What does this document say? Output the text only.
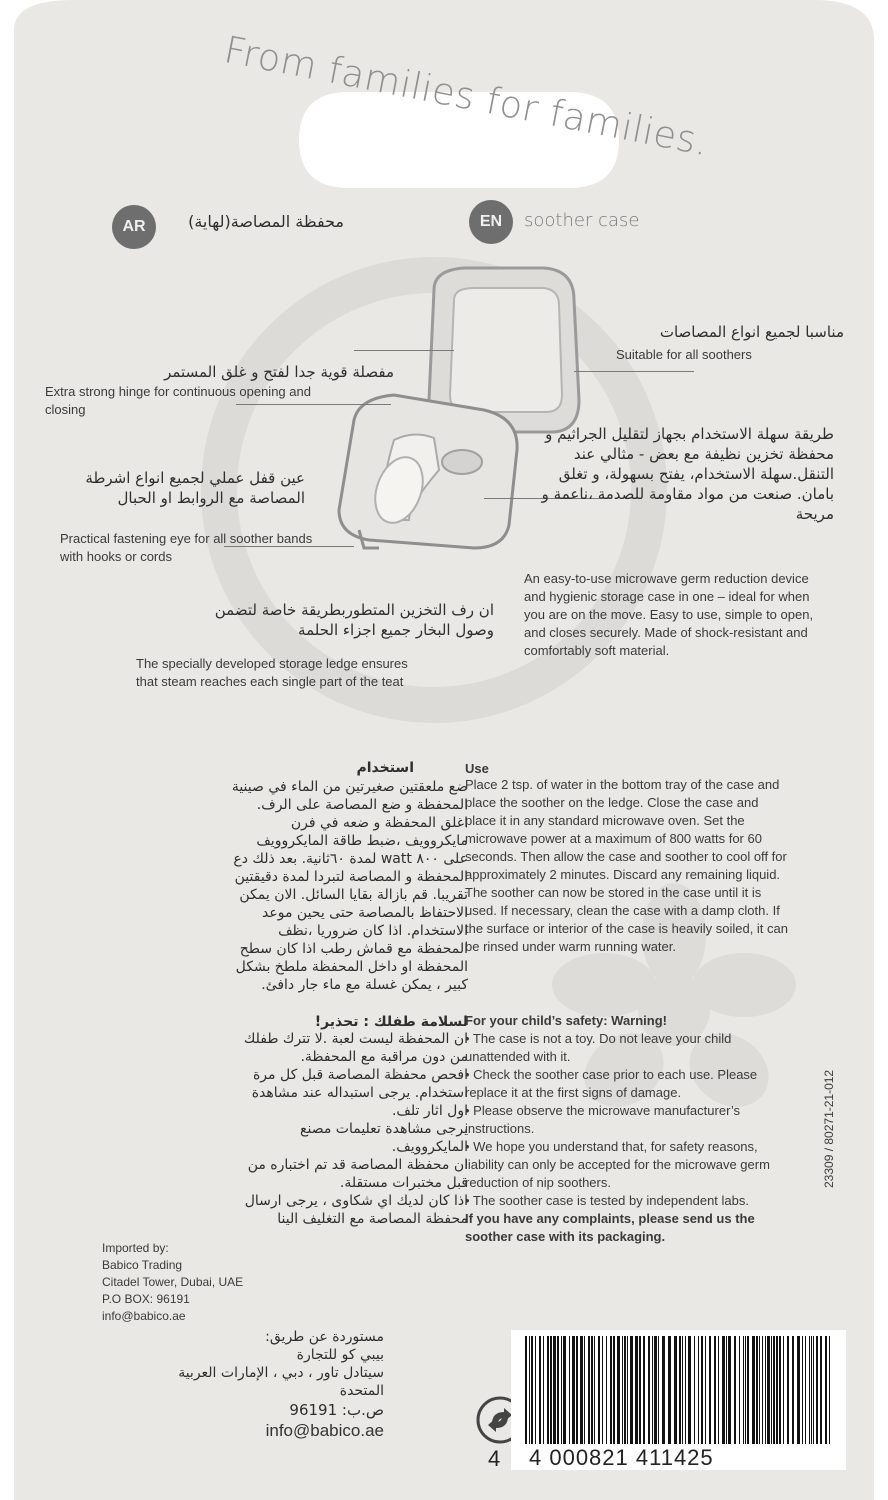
From families for families.
AR	محفظة المصاصة(لهاية)	EN	soother case
مفصلة قوية جدا لفتح و غلق المستمر
Extra strong hinge for continuous opening and closing
مناسبا لجميع انواع المصاصات
Suitable for all soothers
عين قفل عملي لجميع انواع اشرطة المصاصة مع الروابط او الحبال
Practical fastening eye for all soother bands with hooks or cords
طريقة سهلة الاستخدام بجهاز لتقليل الجراثيم و محفظة تخزين نظيفة مع بعض - مثالي عند التنقل.سهلة الاستخدام، يفتح بسهولة، و تغلق بامان. صنعت من مواد مقاومة للصدمة ،ناعمة و مريحة
An easy-to-use microwave germ reduction device and hygienic storage case in one – ideal for when you are on the move. Easy to use, simple to open, and closes securely. Made of shock-resistant and comfortably soft material.
ان رف التخزين المتطوربطريقة خاصة لتضمن وصول البخار جميع اجزاء الحلمة
The specially developed storage ledge ensures that steam reaches each single part of the teat
استخدام
ضع ملعقتين صغيرتين من الماء في صينية المحفظة و ضع المصاصة على الرف. اغلق المحفظة و ضعه في فرن مايكروويف ،ضبط طاقة المايكروويف على ٨٠٠ watt لمدة ٦٠ثانية. بعد ذلك دع المحفظة و المصاصة لتبردا لمدة دقيقتين تقريبا. قم بازالة بقايا السائل. الان يمكن الاحتفاظ بالمصاصة حتى يحين موعد الاستخدام. اذا كان ضروريا ،نظف المحفظة مع قماش رطب اذا كان سطح المحفظة او داخل المحفظة ملطخ بشكل كبير ، يمكن غسلة مع ماء جار دافئ.
لسلامة طفلك : تحذير!
ان المحفظة ليست لعبة .لا تترك طفلك من دون مراقبة مع المحفظة.
افحص محفظة المصاصة قبل كل مرة استخدام. يرجى استبداله عند مشاهدة اول اثار تلف.
يرجى مشاهدة تعليمات مصنع المايكروويف.
ان محفظة المصاصة قد تم اختباره من قبل مختبرات مستقلة.
اذا كان لديك اي شكاوى ، يرجى ارسال محفظة المصاصة مع التغليف الينا
Use
Place 2 tsp. of water in the bottom tray of the case and place the soother on the ledge. Close the case and place it in any standard microwave oven. Set the microwave power at a maximum of 800 watts for 60 seconds. Then allow the case and soother to cool off for approximately 2 minutes. Discard any remaining liquid. The soother can now be stored in the case until it is used. If necessary, clean the case with a damp cloth. If the surface or interior of the case is heavily soiled, it can be rinsed under warm running water.
For your child’s safety: Warning!
• The case is not a toy. Do not leave your child unattended with it.
• Check the soother case prior to each use. Please replace it at the first signs of damage.
• Please observe the microwave manufacturer’s instructions.
• We hope you understand that, for safety reasons, liability can only be accepted for the microwave germ reduction of nip soothers.
• The soother case is tested by independent labs.
If you have any complaints, please send us the soother case with its packaging.
23309 / 80271-21-012
Imported by:
Babico Trading
Citadel Tower, Dubai, UAE
P.O BOX: 96191
info@babico.ae
مستوردة عن طريق:
بيبي كو للتجارة
سيتادل تاور ، دبي ، الإمارات العربية المتحدة
ص.ب: 96191
info@babico.ae
4 4 000821 411425
